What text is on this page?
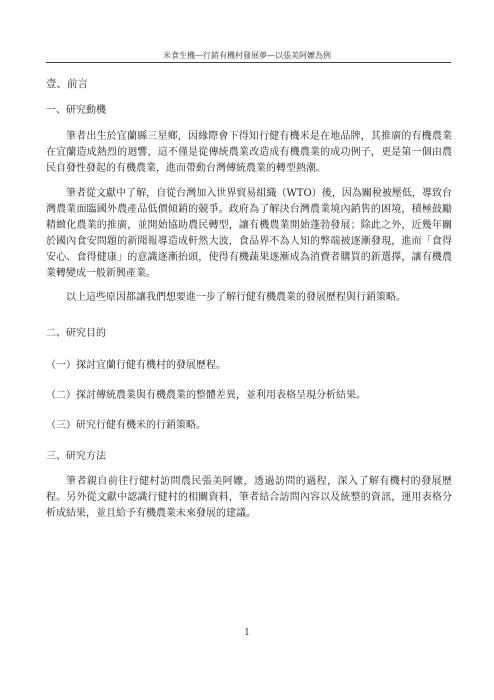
米食生機—行銷有機村發展夢—以張美阿嬤為例
壹、前言
一、研究動機

筆者出生於宜蘭縣三星鄉，因緣際會下得知行健有機米是在地品牌，其推廣的有機農業在宜蘭造成熱烈的迴響，這不僅是從傳統農業改造成有機農業的成功例子，更是第一個由農民自發性發起的有機農業，進而帶動台灣傳統農業的轉型熱潮。

筆者從文獻中了解，自從台灣加入世界貿易組織（WTO）後，因為關稅被壓低，導致台灣農業面臨國外農產品低價傾銷的競爭。政府為了解決台灣農業境內銷售的困境，積極鼓勵精緻化農業的推廣，並開始協助農民轉型，讓有機農業開始蓬勃發展；除此之外，近幾年關於國內食安問題的新聞報導造成軒然大波，食品界不為人知的弊端被逐漸發現，進而「食得安心、食得健康」的意識逐漸抬頭，使得有機蔬果逐漸成為消費者購買的新選擇，讓有機農業轉變成一般新興產業。

以上這些原因都讓我們想要進一步了解行健有機農業的發展歷程與行銷策略。

二、研究目的
（一）探討宜蘭行健有機村的發展歷程。
（二）探討傳統農業與有機農業的整體差異，並利用表格呈現分析結果。
（三）研究行健有機米的行銷策略。
三、研究方法

筆者親自前往行健村訪問農民張美阿嬤，透過訪問的過程，深入了解有機村的發展歷程。另外從文獻中認識行健村的相關資料，筆者結合訪問內容以及統整的資訊，運用表格分析成結果，並且給予有機農業未來發展的建議。

1
